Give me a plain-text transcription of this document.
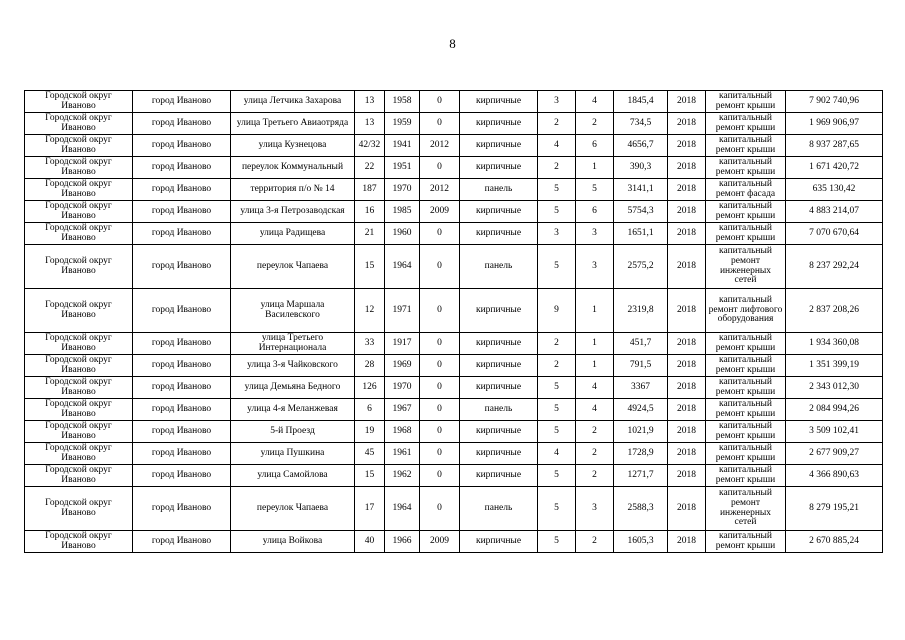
8
Городской округ Иваново	город Иваново	улица Летчика Захарова	13	1958	0	кирпичные	3	4	1845,4	2018	капитальный ремонт крыши	7 902 740,96
Городской округ Иваново	город Иваново	улица Третьего Авиаотряда	13	1959	0	кирпичные	2	2	734,5	2018	капитальный ремонт крыши	1 969 906,97
Городской округ Иваново	город Иваново	улица Кузнецова	42/32	1941	2012	кирпичные	4	6	4656,7	2018	капитальный ремонт крыши	8 937 287,65
Городской округ Иваново	город Иваново	переулок Коммунальный	22	1951	0	кирпичные	2	1	390,3	2018	капитальный ремонт крыши	1 671 420,72
Городской округ Иваново	город Иваново	территория п/о № 14	187	1970	2012	панель	5	5	3141,1	2018	капитальный ремонт фасада	635 130,42
Городской округ Иваново	город Иваново	улица 3-я Петрозаводская	16	1985	2009	кирпичные	5	6	5754,3	2018	капитальный ремонт крыши	4 883 214,07
Городской округ Иваново	город Иваново	улица Радищева	21	1960	0	кирпичные	3	3	1651,1	2018	капитальный ремонт крыши	7 070 670,64
Городской округ Иваново	город Иваново	переулок Чапаева	15	1964	0	панель	5	3	2575,2	2018	капитальный ремонт инженерных сетей	8 237 292,24
Городской округ Иваново	город Иваново	улица Маршала Василевского	12	1971	0	кирпичные	9	1	2319,8	2018	капитальный ремонт лифтового оборудования	2 837 208,26
Городской округ Иваново	город Иваново	улица Третьего Интернационала	33	1917	0	кирпичные	2	1	451,7	2018	капитальный ремонт крыши	1 934 360,08
Городской округ Иваново	город Иваново	улица 3-я Чайковского	28	1969	0	кирпичные	2	1	791,5	2018	капитальный ремонт крыши	1 351 399,19
Городской округ Иваново	город Иваново	улица Демьяна Бедного	126	1970	0	кирпичные	5	4	3367	2018	капитальный ремонт крыши	2 343 012,30
Городской округ Иваново	город Иваново	улица 4-я Меланжевая	6	1967	0	панель	5	4	4924,5	2018	капитальный ремонт крыши	2 084 994,26
Городской округ Иваново	город Иваново	5-й Проезд	19	1968	0	кирпичные	5	2	1021,9	2018	капитальный ремонт крыши	3 509 102,41
Городской округ Иваново	город Иваново	улица Пушкина	45	1961	0	кирпичные	4	2	1728,9	2018	капитальный ремонт крыши	2 677 909,27
Городской округ Иваново	город Иваново	улица Самойлова	15	1962	0	кирпичные	5	2	1271,7	2018	капитальный ремонт крыши	4 366 890,63
Городской округ Иваново	город Иваново	переулок Чапаева	17	1964	0	панель	5	3	2588,3	2018	капитальный ремонт инженерных сетей	8 279 195,21
Городской округ Иваново	город Иваново	улица Войкова	40	1966	2009	кирпичные	5	2	1605,3	2018	капитальный ремонт крыши	2 670 885,24
